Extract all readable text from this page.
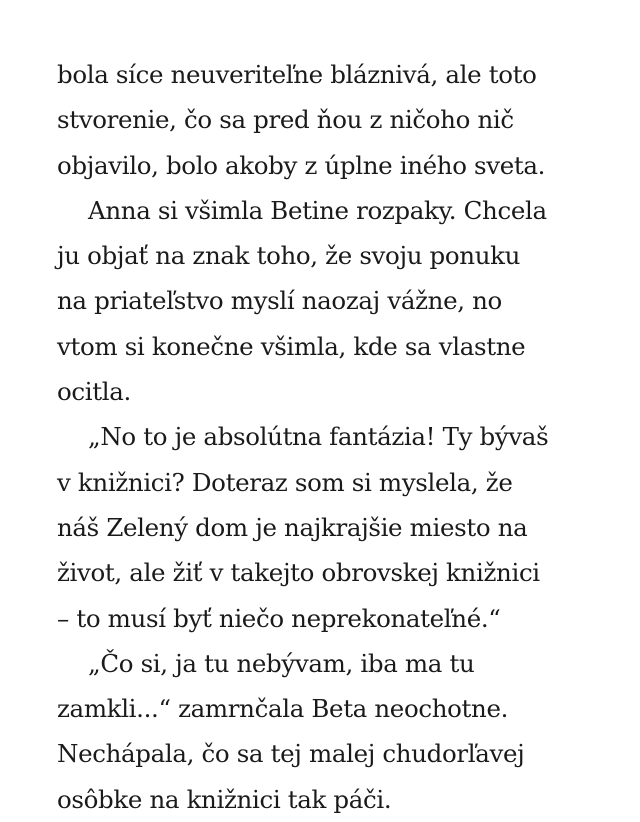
bola síce neuveriteľne bláznivá, ale toto
stvorenie, čo sa pred ňou z ničoho nič
objavilo, bolo akoby z úplne iného sveta.
Anna si všimla Betine rozpaky. Chcela
ju objať na znak toho, že svoju ponuku
na priateľstvo myslí naozaj vážne, no
vtom si konečne všimla, kde sa vlastne
ocitla.
„No to je absolútna fantázia! Ty bývaš
v knižnici? Doteraz som si myslela, že
náš Zelený dom je najkrajšie miesto na
život, ale žiť v takejto obrovskej knižnici
– to musí byť niečo neprekonateľné.“
„Čo si, ja tu nebývam, iba ma tu
zamkli...“ zamrnčala Beta neochotne.
Nechápala, čo sa tej malej chudorľavej
osôbke na knižnici tak páči.
